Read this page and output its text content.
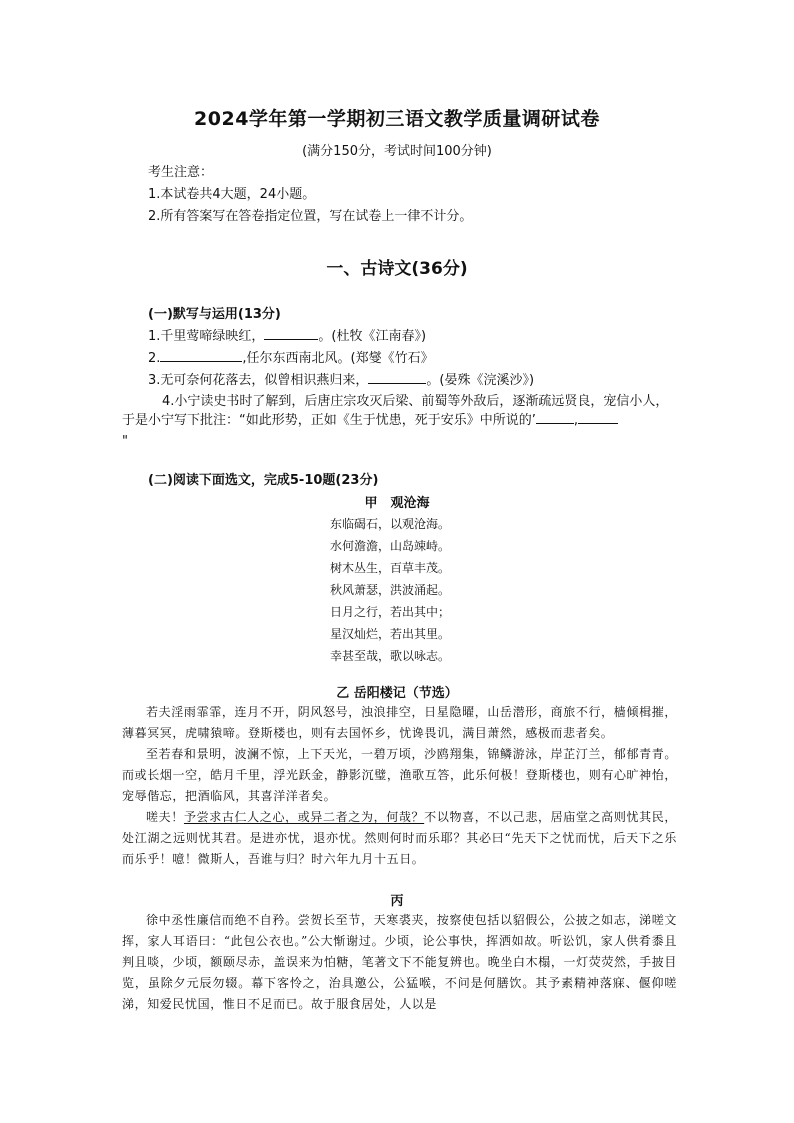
2024学年第一学期初三语文教学质量调研试卷
(满分150分，考试时间100分钟)
考生注意：
1.本试卷共4大题，24小题。
2.所有答案写在答卷指定位置，写在试卷上一律不计分。
一、古诗文(36分)
(一)默写与运用(13分)
1.千里莺啼绿映红，	。(杜牧《江南春》)
2.	,任尔东西南北风。(郑燮《竹石》
3.无可奈何花落去，似曾相识燕归来，	。(晏殊《浣溪沙》)
4.小宁读史书时了解到，后唐庄宗攻灭后梁、前蜀等外敌后，逐渐疏远贤良，宠信小人，
于是小宁写下批注：“如此形势，正如《生于忧患，死于安乐》中所说的’	,
"
(二)阅读下面选文，完成5-10题(23分)
甲　观沧海
东临碣石，以观沧海。
水何澹澹，山岛竦峙。
树木丛生，百草丰茂。
秋风萧瑟，洪波涌起。
日月之行，若出其中；
星汉灿烂，若出其里。
幸甚至哉，歌以咏志。
乙 岳阳楼记（节选）

若夫淫雨霏霏，连月不开，阴风怒号，浊浪排空，日星隐曜，山岳潜形，商旅不行，樯倾楫摧，薄暮冥冥，虎啸猿啼。登斯楼也，则有去国怀乡，忧谗畏讥，满目萧然，感极而悲者矣。

至若春和景明，波澜不惊，上下天光，一碧万顷，沙鸥翔集，锦鳞游泳，岸芷汀兰，郁郁青青。而或长烟一空，皓月千里，浮光跃金，静影沉璧，渔歌互答，此乐何极！登斯楼也，则有心旷神怡，宠辱偕忘，把酒临风，其喜洋洋者矣。

嗟夫！予尝求古仁人之心，或异二者之为，何哉？不以物喜，不以己悲，居庙堂之高则忧其民，处江湖之远则忧其君。是进亦忧，退亦忧。然则何时而乐耶？其必曰“先天下之忧而忧，后天下之乐而乐乎！噫！微斯人，吾谁与归？时六年九月十五日。

丙

徐中丞性廉信而绝不自矜。尝贺长至节，天寒裘夹，按察使包括以貂假公，公披之如志，涕嗟文挥，家人耳语曰：“此包公衣也。”公大惭谢过。少顷，论公事快，挥洒如故。听讼饥，家人供肴黍且判且啖，少顷，额颐尽赤，盖误来为怕糖，笔著文下不能复辨也。晚坐白木榻，一灯荧荧然，手披目览，虽除夕元辰勿辍。幕下客怜之，治具邀公，公猛喉，不问是何膳饮。其予素精神落寐、偃仰嗟涕，知爱民忧国，惟日不足而已。故于服食居处，人以是
